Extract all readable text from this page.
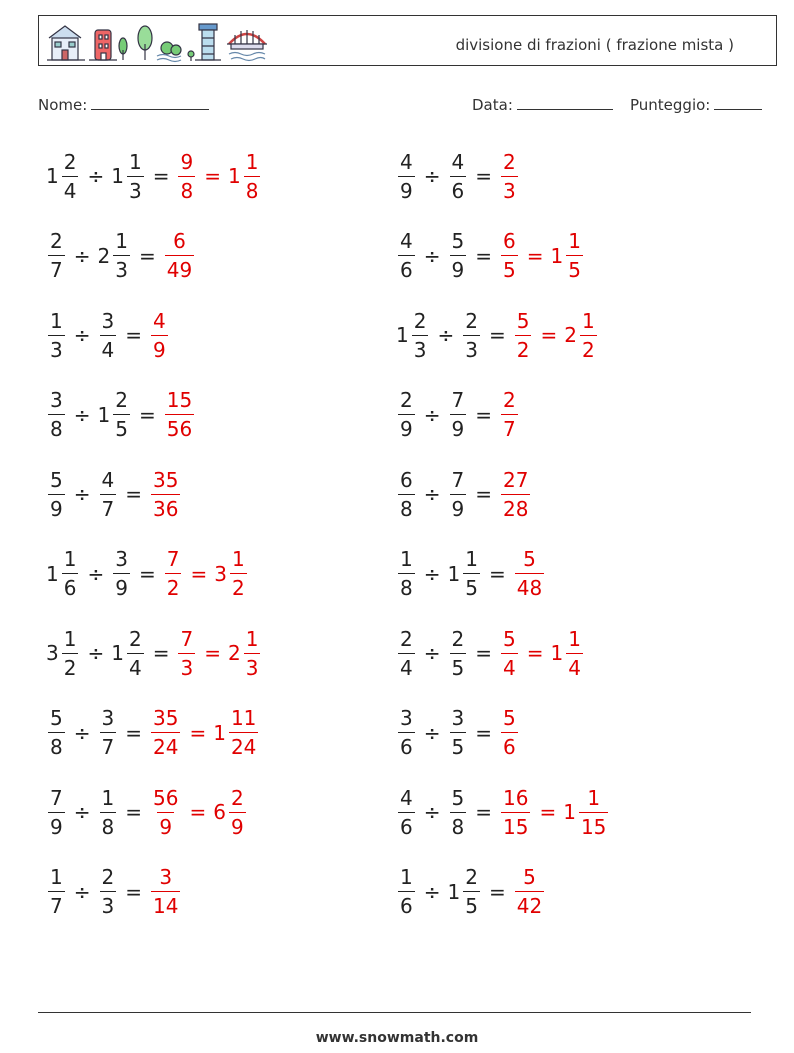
divisione di frazioni ( frazione mista )
Nome:	Data:	Punteggio:
$1 \frac{2}{4} \div 1 \frac{1}{3} = \frac{9}{8} = 1 \frac{1}{8}$	$\frac{4}{9} \div \frac{4}{6} = \frac{2}{3}$
$\frac{2}{7} \div 2 \frac{1}{3} = \frac{6}{49}$	$\frac{4}{6} \div \frac{5}{9} = \frac{6}{5} = 1 \frac{1}{5}$
$\frac{1}{3} \div \frac{3}{4} = \frac{4}{9}$	$1 \frac{2}{3} \div \frac{2}{3} = \frac{5}{2} = 2 \frac{1}{2}$
$\frac{3}{8} \div 1 \frac{2}{5} = \frac{15}{56}$	$\frac{2}{9} \div \frac{7}{9} = \frac{2}{7}$
$\frac{5}{9} \div \frac{4}{7} = \frac{35}{36}$	$\frac{6}{8} \div \frac{7}{9} = \frac{27}{28}$
$1 \frac{1}{6} \div \frac{3}{9} = \frac{7}{2} = 3 \frac{1}{2}$	$\frac{1}{8} \div 1 \frac{1}{5} = \frac{5}{48}$
$3 \frac{1}{2} \div 1 \frac{2}{4} = \frac{7}{3} = 2 \frac{1}{3}$	$\frac{2}{4} \div \frac{2}{5} = \frac{5}{4} = 1 \frac{1}{4}$
$\frac{5}{8} \div \frac{3}{7} = \frac{35}{24} = 1 \frac{11}{24}$	$\frac{3}{6} \div \frac{3}{5} = \frac{5}{6}$
$\frac{7}{9} \div \frac{1}{8} = \frac{56}{9} = 6 \frac{2}{9}$	$\frac{4}{6} \div \frac{5}{8} = \frac{16}{15} = 1 \frac{1}{15}$
$\frac{1}{7} \div \frac{2}{3} = \frac{3}{14}$	$\frac{1}{6} \div 1 \frac{2}{5} = \frac{5}{42}$
www.snowmath.com
